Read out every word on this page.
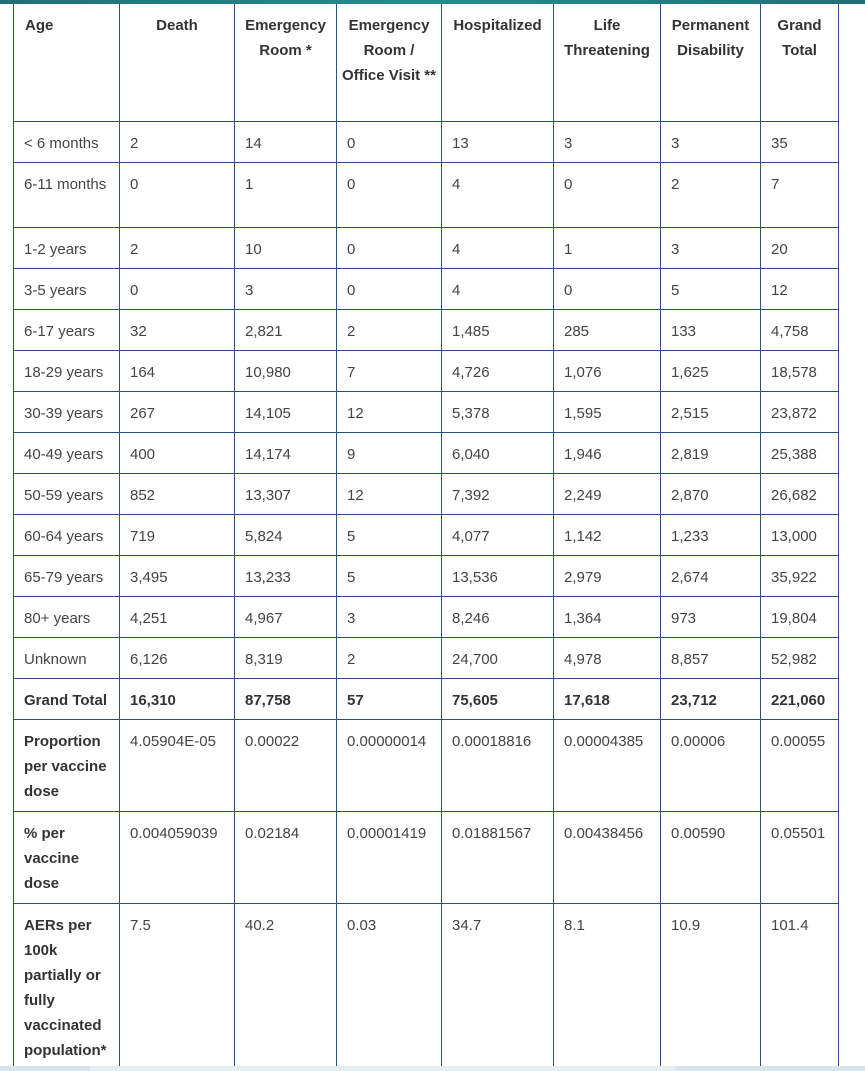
Age	Death	Emergency Room *	Emergency Room / Office Visit **	Hospitalized	Life Threatening	Permanent Disability	Grand Total
< 6 months	2	14	0	13	3	3	35
6-11 months	0	1	0	4	0	2	7
1-2 years	2	10	0	4	1	3	20
3-5 years	0	3	0	4	0	5	12
6-17 years	32	2,821	2	1,485	285	133	4,758
18-29 years	164	10,980	7	4,726	1,076	1,625	18,578
30-39 years	267	14,105	12	5,378	1,595	2,515	23,872
40-49 years	400	14,174	9	6,040	1,946	2,819	25,388
50-59 years	852	13,307	12	7,392	2,249	2,870	26,682
60-64 years	719	5,824	5	4,077	1,142	1,233	13,000
65-79 years	3,495	13,233	5	13,536	2,979	2,674	35,922
80+ years	4,251	4,967	3	8,246	1,364	973	19,804
Unknown	6,126	8,319	2	24,700	4,978	8,857	52,982
Grand Total	16,310	87,758	57	75,605	17,618	23,712	221,060
Proportion per vaccine dose	4.05904E-05	0.00022	0.00000014	0.00018816	0.00004385	0.00006	0.00055
% per vaccine dose	0.004059039	0.02184	0.00001419	0.01881567	0.00438456	0.00590	0.05501
AERs per 100k partially or fully vaccinated population*	7.5	40.2	0.03	34.7	8.1	10.9	101.4
